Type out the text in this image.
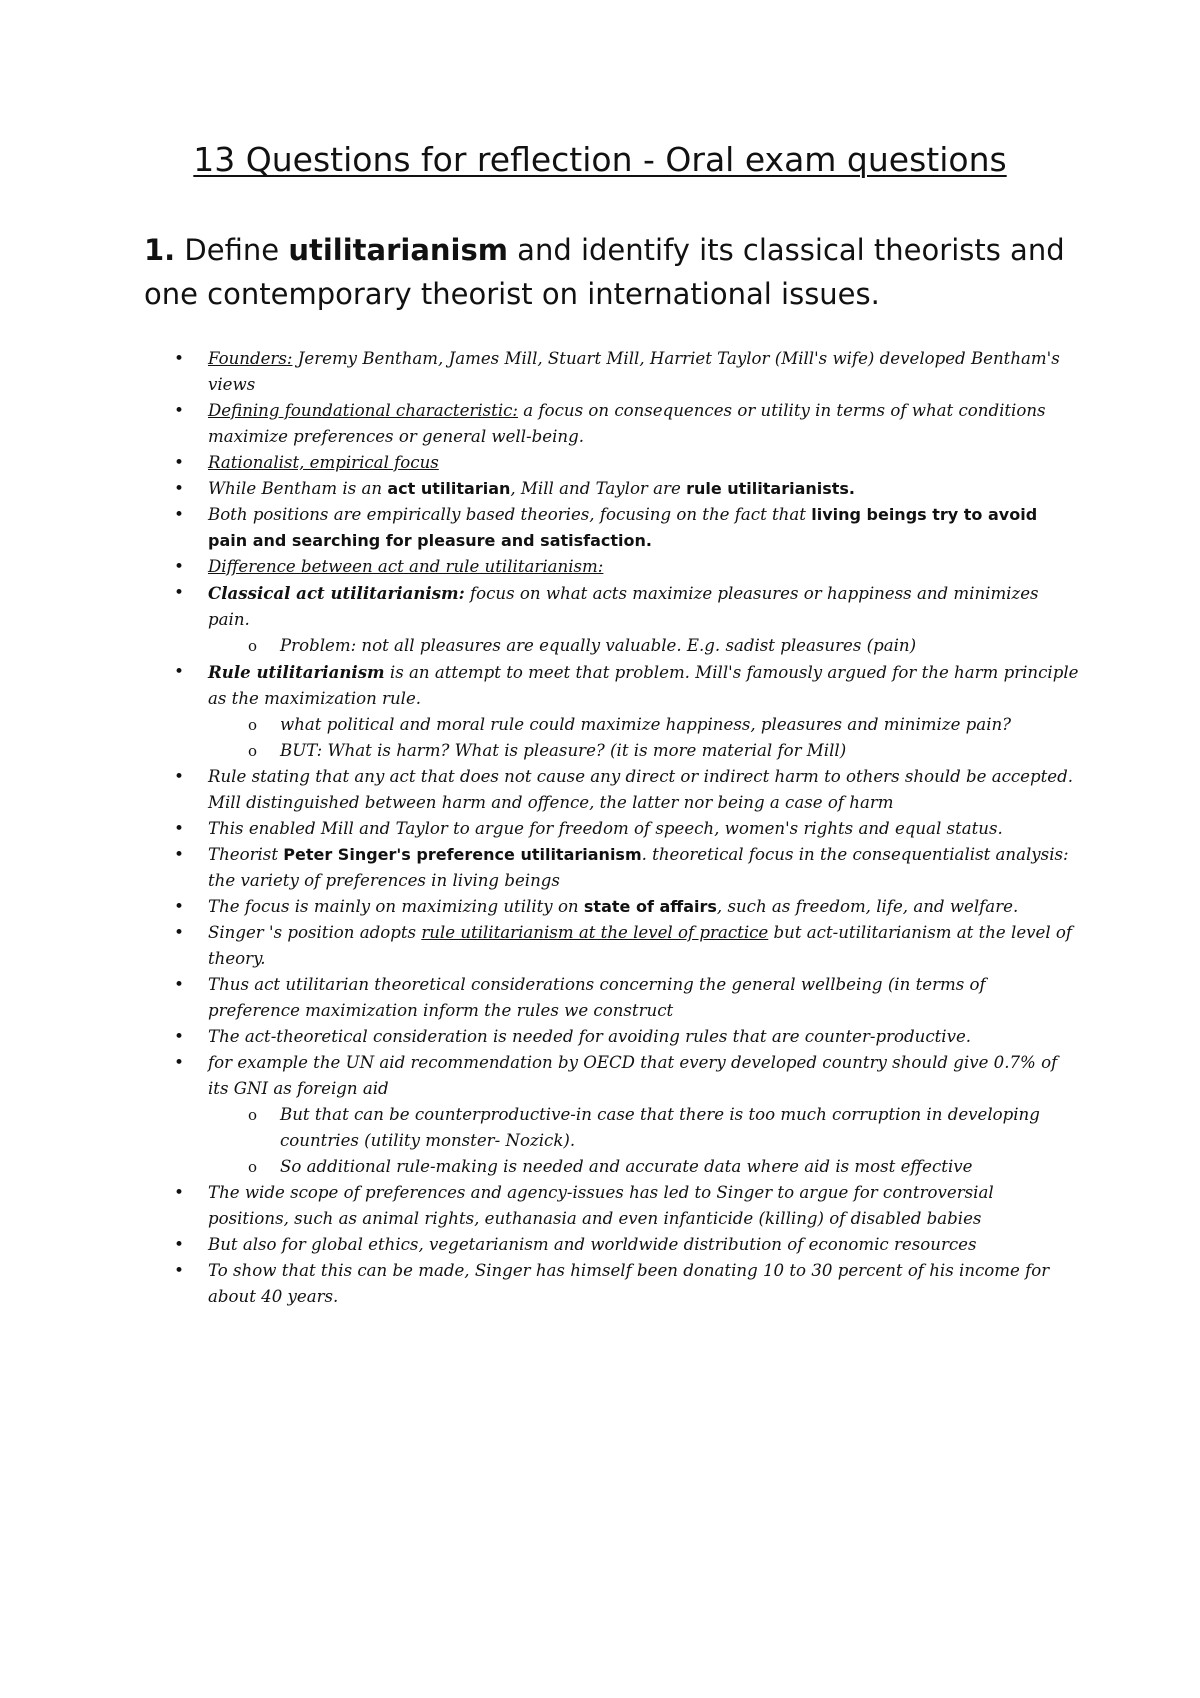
13 Questions for reflection - Oral exam questions
1. Define utilitarianism and identify its classical theorists and one contemporary theorist on international issues.
• Founders: Jeremy Bentham, James Mill, Stuart Mill, Harriet Taylor (Mill's wife) developed Bentham's views
• Defining foundational characteristic: a focus on consequences or utility in terms of what conditions maximize preferences or general well-being.
• Rationalist, empirical focus
• While Bentham is an act utilitarian, Mill and Taylor are rule utilitarianists.
• Both positions are empirically based theories, focusing on the fact that living beings try to avoid pain and searching for pleasure and satisfaction.
• Difference between act and rule utilitarianism:
• Classical act utilitarianism: focus on what acts maximize pleasures or happiness and minimizes pain.
o Problem: not all pleasures are equally valuable. E.g. sadist pleasures (pain)
• Rule utilitarianism is an attempt to meet that problem. Mill's famously argued for the harm principle as the maximization rule.
o what political and moral rule could maximize happiness, pleasures and minimize pain?
o BUT: What is harm? What is pleasure? (it is more material for Mill)
• Rule stating that any act that does not cause any direct or indirect harm to others should be accepted. Mill distinguished between harm and offence, the latter nor being a case of harm
• This enabled Mill and Taylor to argue for freedom of speech, women's rights and equal status.
• Theorist Peter Singer's preference utilitarianism. theoretical focus in the consequentialist analysis: the variety of preferences in living beings
• The focus is mainly on maximizing utility on state of affairs, such as freedom, life, and welfare.
• Singer 's position adopts rule utilitarianism at the level of practice but act-utilitarianism at the level of theory.
• Thus act utilitarian theoretical considerations concerning the general wellbeing (in terms of preference maximization inform the rules we construct
• The act-theoretical consideration is needed for avoiding rules that are counter-productive.
• for example the UN aid recommendation by OECD that every developed country should give 0.7% of its GNI as foreign aid
o But that can be counterproductive-in case that there is too much corruption in developing countries (utility monster- Nozick).
o So additional rule-making is needed and accurate data where aid is most effective
• The wide scope of preferences and agency-issues has led to Singer to argue for controversial positions, such as animal rights, euthanasia and even infanticide (killing) of disabled babies
• But also for global ethics, vegetarianism and worldwide distribution of economic resources
• To show that this can be made, Singer has himself been donating 10 to 30 percent of his income for about 40 years.
